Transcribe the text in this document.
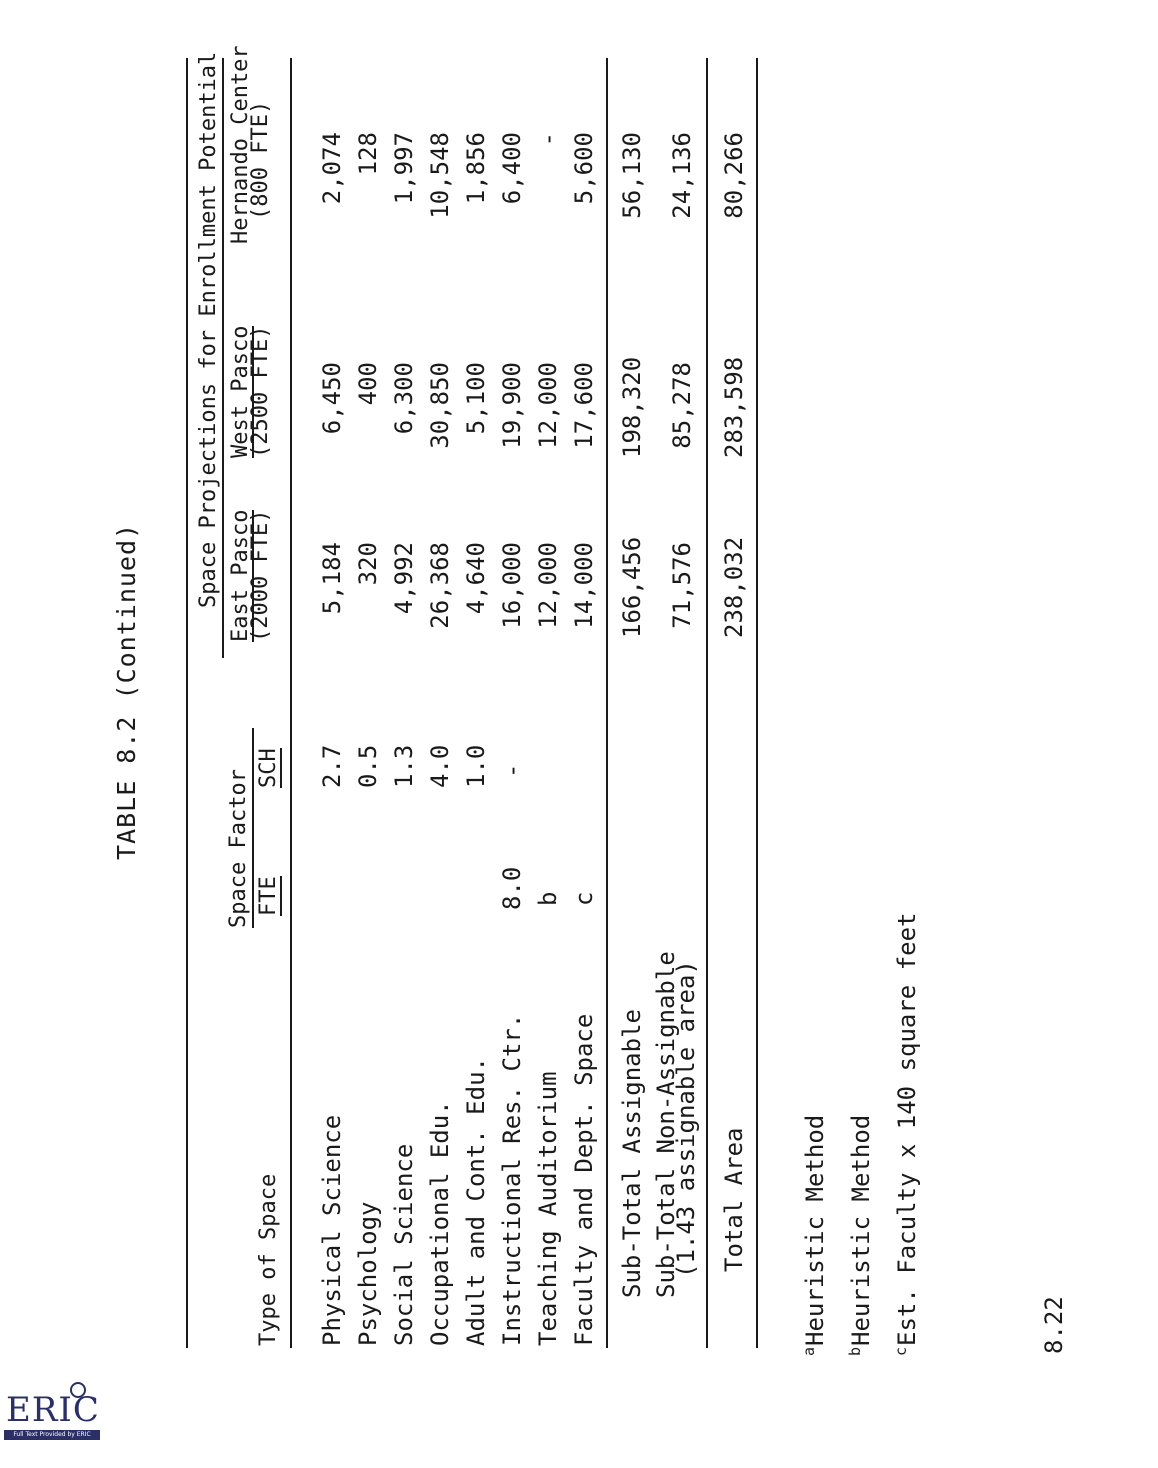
TABLE 8.2 (Continued)	Space Factor
Space Projections for Enrollment Potential
Type of Space
FTE
SCH
East Pasco
(2000 FTE)
West Pasco
(2500 FTE)
Hernando Center
(800 FTE)
Physical Science
2.7
5,184
6,450
2,074
Psychology
0.5
320
400
128
Social Science
1.3
4,992
6,300
1,997
Occupational Edu.
4.0
26,368
30,850
10,548
Adult and Cont. Edu.
1.0
4,640
5,100
1,856
Instructional Res. Ctr.
8.0
-
16,000
19,900
6,400
Teaching Auditorium
b
12,000
12,000
-
Faculty and Dept. Space
c
14,000
17,600
5,600
Sub-Total Assignable
166,456
198,320
56,130
Sub-Total Non-Assignable
(1.43 assignable area)
71,576
85,278
24,136
Total Area
238,032
283,598
80,266
$^a$Heuristic Method
$^b$Heuristic Method
$^c$Est. Faculty x 140 square feet	8.22
ERIC
Full Text Provided by ERIC
